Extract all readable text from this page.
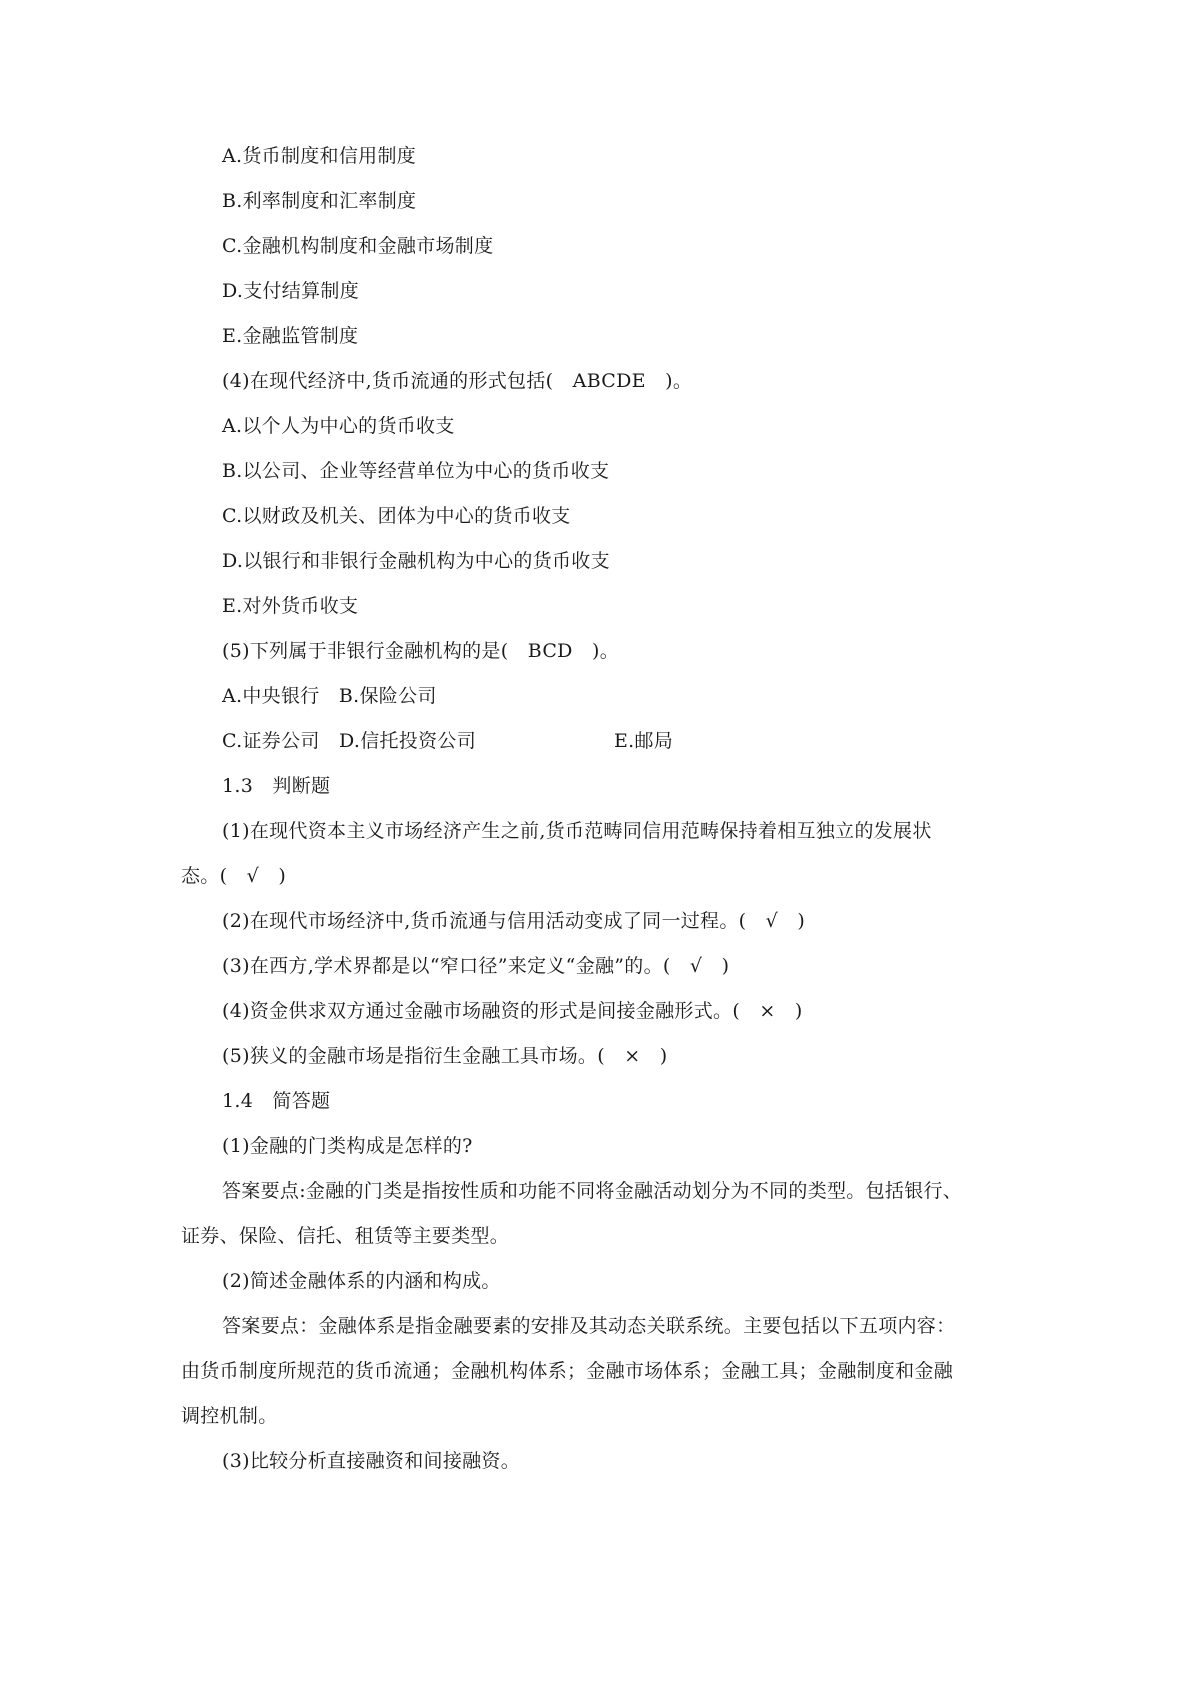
A.货币制度和信用制度
B.利率制度和汇率制度
C.金融机构制度和金融市场制度
D.支付结算制度
E.金融监管制度
(4)在现代经济中,货币流通的形式包括(　ABCDE　)。
A.以个人为中心的货币收支
B.以公司、企业等经营单位为中心的货币收支
C.以财政及机关、团体为中心的货币收支
D.以银行和非银行金融机构为中心的货币收支
E.对外货币收支
(5)下列属于非银行金融机构的是(　BCD　)。
A.中央银行　B.保险公司
C.证券公司　D.信托投资公司	E.邮局
1.3　判断题
(1)在现代资本主义市场经济产生之前,货币范畴同信用范畴保持着相互独立的发展状
态。(　√　)
(2)在现代市场经济中,货币流通与信用活动变成了同一过程。(　√　)
(3)在西方,学术界都是以“窄口径”来定义“金融”的。(　√　)
(4)资金供求双方通过金融市场融资的形式是间接金融形式。(　×　)
(5)狭义的金融市场是指衍生金融工具市场。(　×　)
1.4　简答题
(1)金融的门类构成是怎样的?
答案要点:金融的门类是指按性质和功能不同将金融活动划分为不同的类型。包括银行、
证券、保险、信托、租赁等主要类型。
(2)简述金融体系的内涵和构成。
答案要点：金融体系是指金融要素的安排及其动态关联系统。主要包括以下五项内容：
由货币制度所规范的货币流通；金融机构体系；金融市场体系；金融工具；金融制度和金融
调控机制。
(3)比较分析直接融资和间接融资。
